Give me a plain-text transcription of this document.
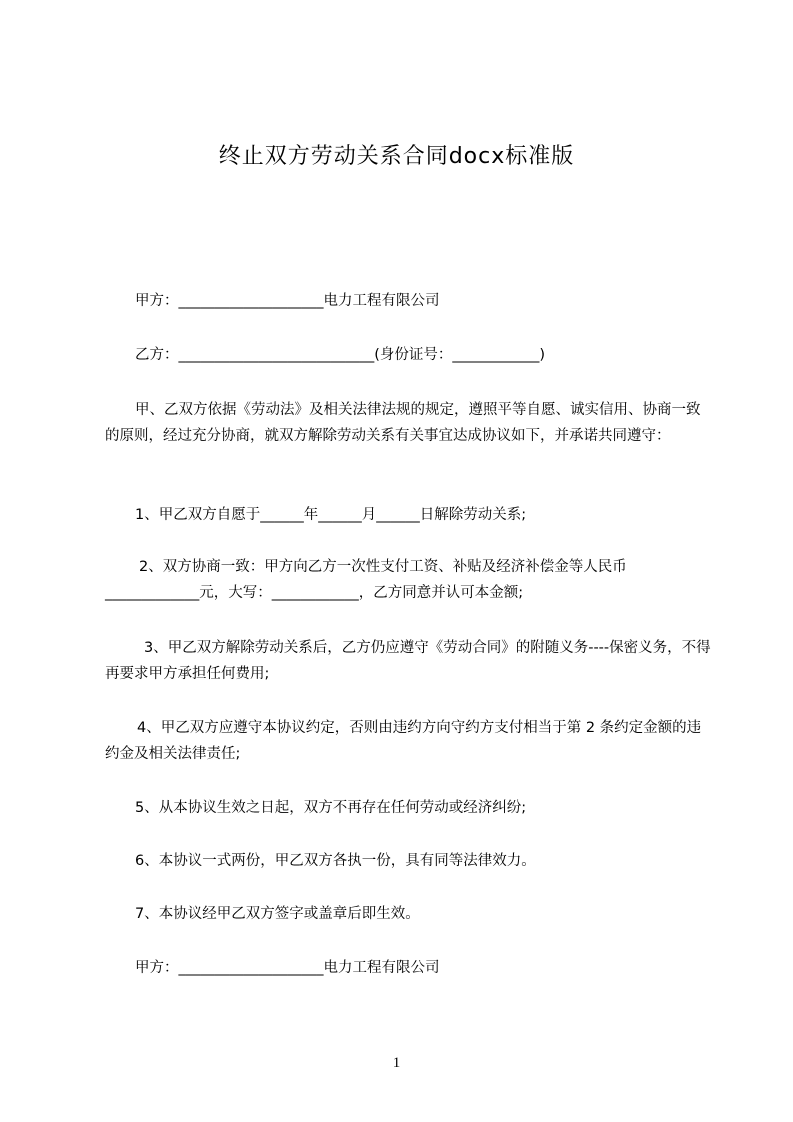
终止双方劳动关系合同docx标准版
甲方：____________________电力工程有限公司
乙方：___________________________(身份证号：____________)
甲、乙双方依据《劳动法》及相关法律法规的规定，遵照平等自愿、诚实信用、协商一致的原则，经过充分协商，就双方解除劳动关系有关事宜达成协议如下，并承诺共同遵守：
1、甲乙双方自愿于______年______月______日解除劳动关系;
2、双方协商一致：甲方向乙方一次性支付工资、补贴及经济补偿金等人民币_____________元，大写：____________，乙方同意并认可本金额;
3、甲乙双方解除劳动关系后，乙方仍应遵守《劳动合同》的附随义务----保密义务，不得再要求甲方承担任何费用;
4、甲乙双方应遵守本协议约定，否则由违约方向守约方支付相当于第 2 条约定金额的违约金及相关法律责任;
5、从本协议生效之日起，双方不再存在任何劳动或经济纠纷;
6、本协议一式两份，甲乙双方各执一份，具有同等法律效力。
7、本协议经甲乙双方签字或盖章后即生效。
甲方：____________________电力工程有限公司
1
